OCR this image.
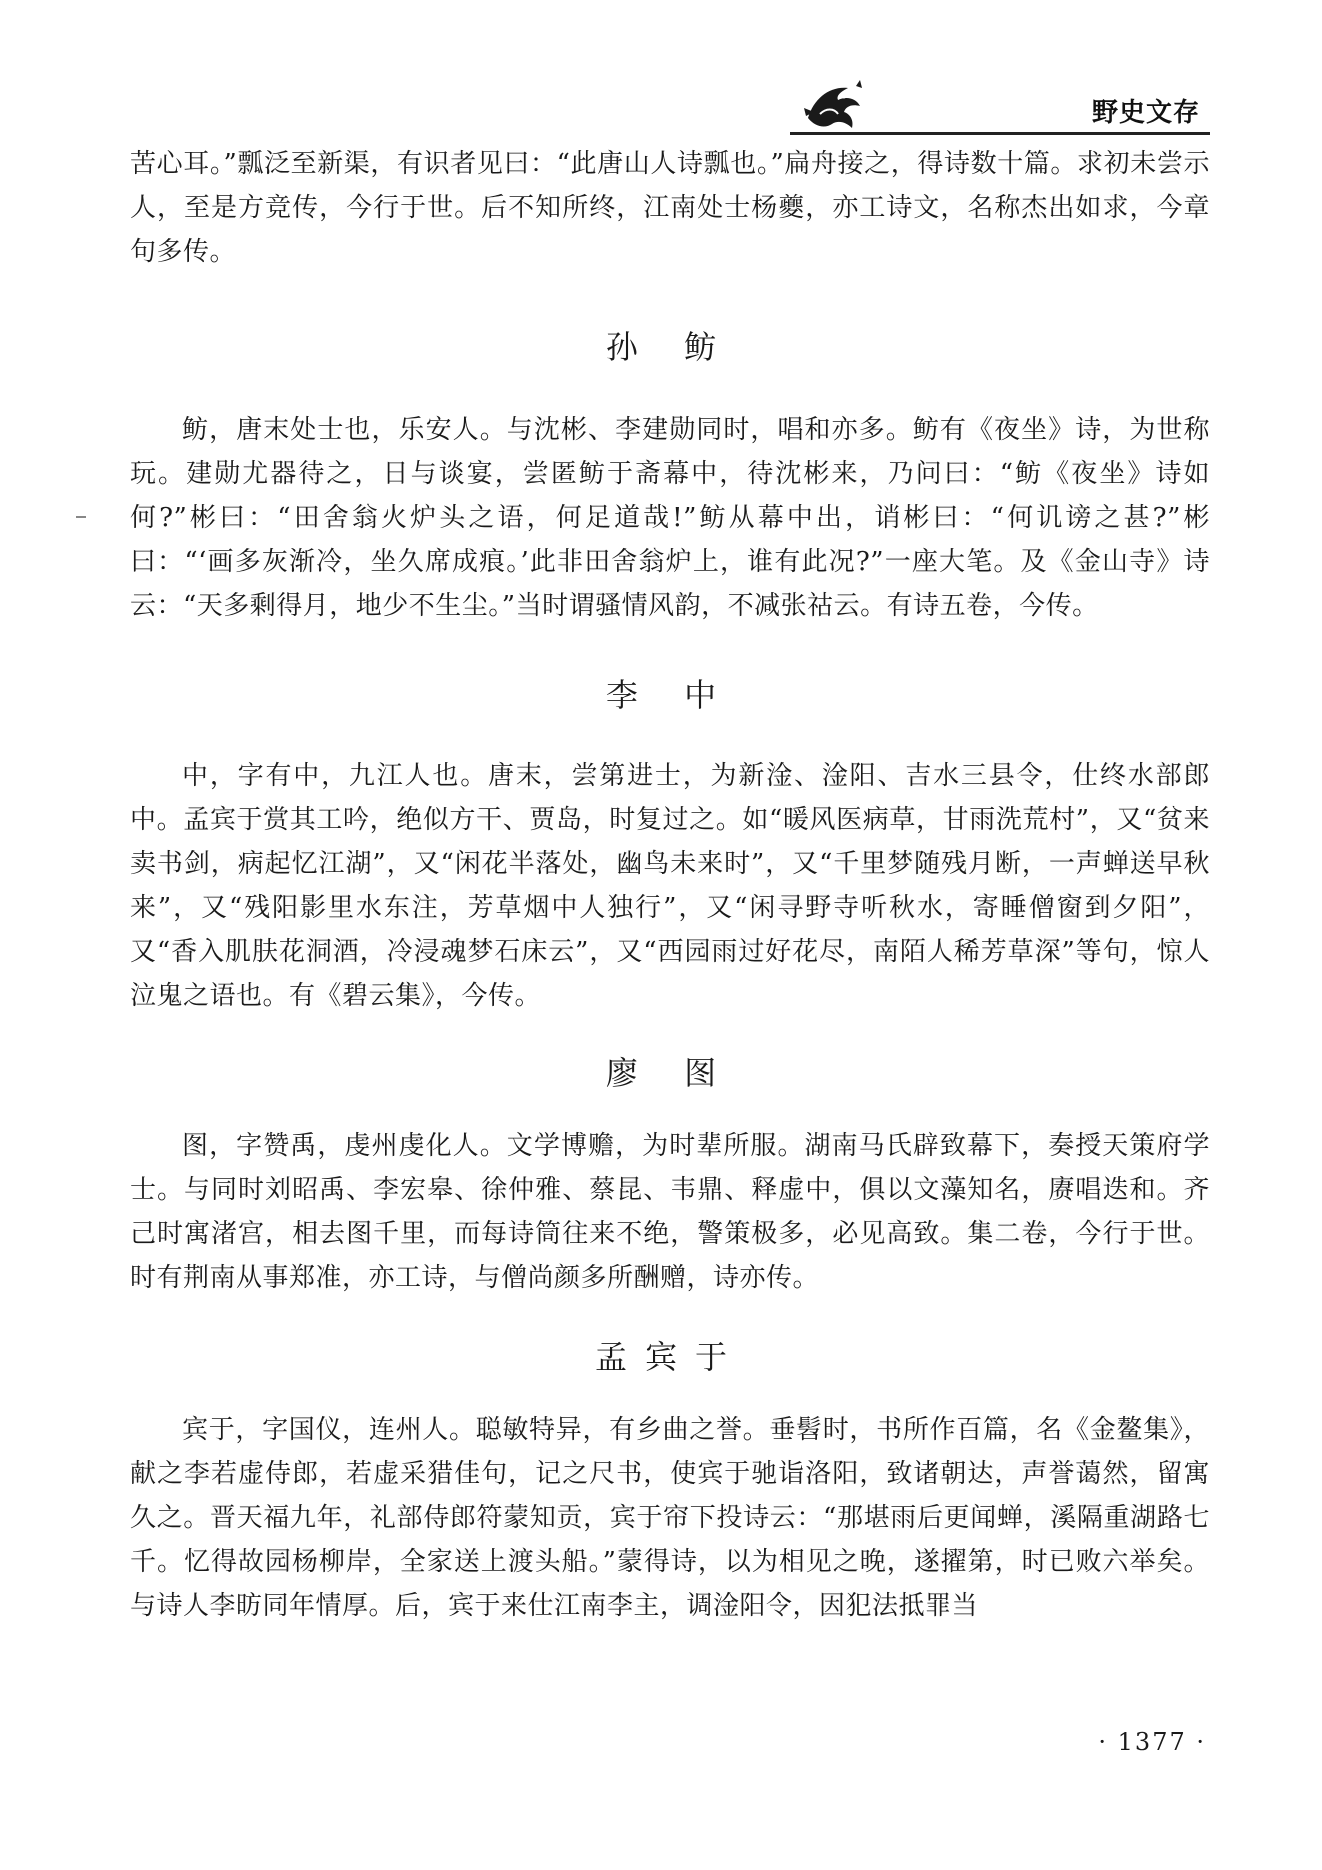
野史文存

苦心耳。”瓢泛至新渠，有识者见曰：“此唐山人诗瓢也。”扁舟接之，得诗数十篇。求初未尝示人，至是方竞传，今行于世。后不知所终，江南处士杨夔，亦工诗文，名称杰出如求，今章句多传。

孙 鲂

鲂，唐末处士也，乐安人。与沈彬、李建勋同时，唱和亦多。鲂有《夜坐》诗，为世称玩。建勋尤器待之，日与谈宴，尝匿鲂于斋幕中，待沈彬来，乃问曰：“鲂《夜坐》诗如何?”彬曰：“田舍翁火炉头之语，何足道哉!”鲂从幕中出，诮彬曰：“何讥谤之甚?”彬曰：“‘画多灰渐冷，坐久席成痕。’此非田舍翁炉上，谁有此况?”一座大笔。及《金山寺》诗云：“天多剩得月，地少不生尘。”当时谓骚情风韵，不减张祜云。有诗五卷，今传。

李 中

中，字有中，九江人也。唐末，尝第进士，为新淦、淦阳、吉水三县令，仕终水部郎中。孟宾于赏其工吟，绝似方干、贾岛，时复过之。如“暖风医病草，甘雨洗荒村”，又“贫来卖书剑，病起忆江湖”，又“闲花半落处，幽鸟未来时”，又“千里梦随残月断，一声蝉送早秋来”，又“残阳影里水东注，芳草烟中人独行”，又“闲寻野寺听秋水，寄睡僧窗到夕阳”，又“香入肌肤花洞酒，冷浸魂梦石床云”，又“西园雨过好花尽，南陌人稀芳草深”等句，惊人泣鬼之语也。有《碧云集》，今传。

廖 图

图，字赞禹，虔州虔化人。文学博赡，为时辈所服。湖南马氏辟致幕下，奏授天策府学士。与同时刘昭禹、李宏皋、徐仲雅、蔡昆、韦鼎、释虚中，俱以文藻知名，赓唱迭和。齐己时寓渚宫，相去图千里，而每诗筒往来不绝，警策极多，必见高致。集二卷，今行于世。时有荆南从事郑准，亦工诗，与僧尚颜多所酬赠，诗亦传。

孟宾于

宾于，字国仪，连州人。聪敏特异，有乡曲之誉。垂髫时，书所作百篇，名《金鳌集》，献之李若虚侍郎，若虚采猎佳句，记之尺书，使宾于驰诣洛阳，致诸朝达，声誉蔼然，留寓久之。晋天福九年，礼部侍郎符蒙知贡，宾于帘下投诗云：“那堪雨后更闻蝉，溪隔重湖路七千。忆得故园杨柳岸，全家送上渡头船。”蒙得诗，以为相见之晚，遂擢第，时已败六举矣。与诗人李昉同年情厚。后，宾于来仕江南李主，调淦阳令，因犯法抵罪当

· 1377 ·
